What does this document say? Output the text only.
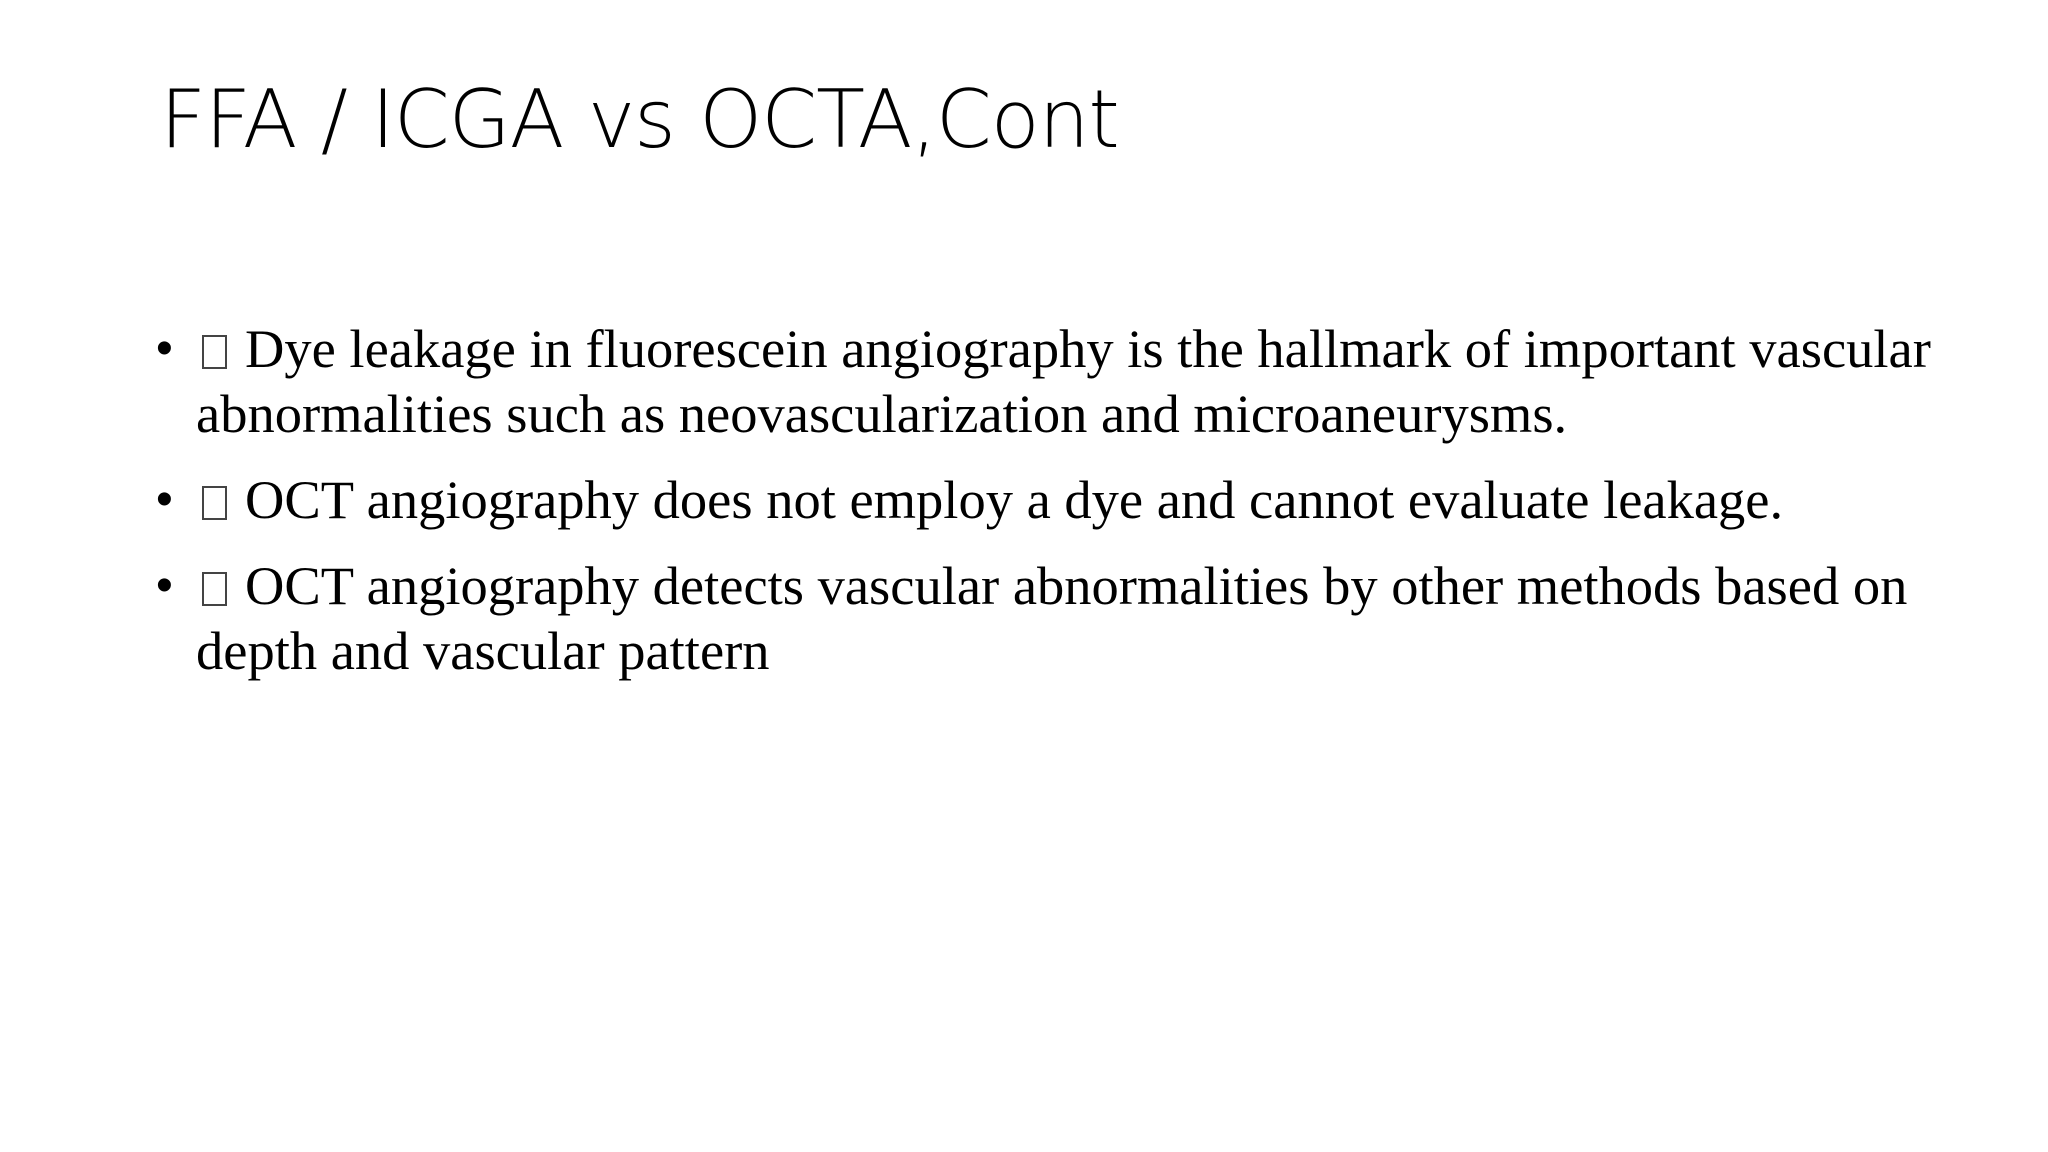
FFA / ICGA vs OCTA,Cont
• Dye leakage in fluorescein angiography is the hallmark of important vascular abnormalities such as neovascularization and microaneurysms.
• OCT angiography does not employ a dye and cannot evaluate leakage.
• OCT angiography detects vascular abnormalities by other methods based on depth and vascular pattern
